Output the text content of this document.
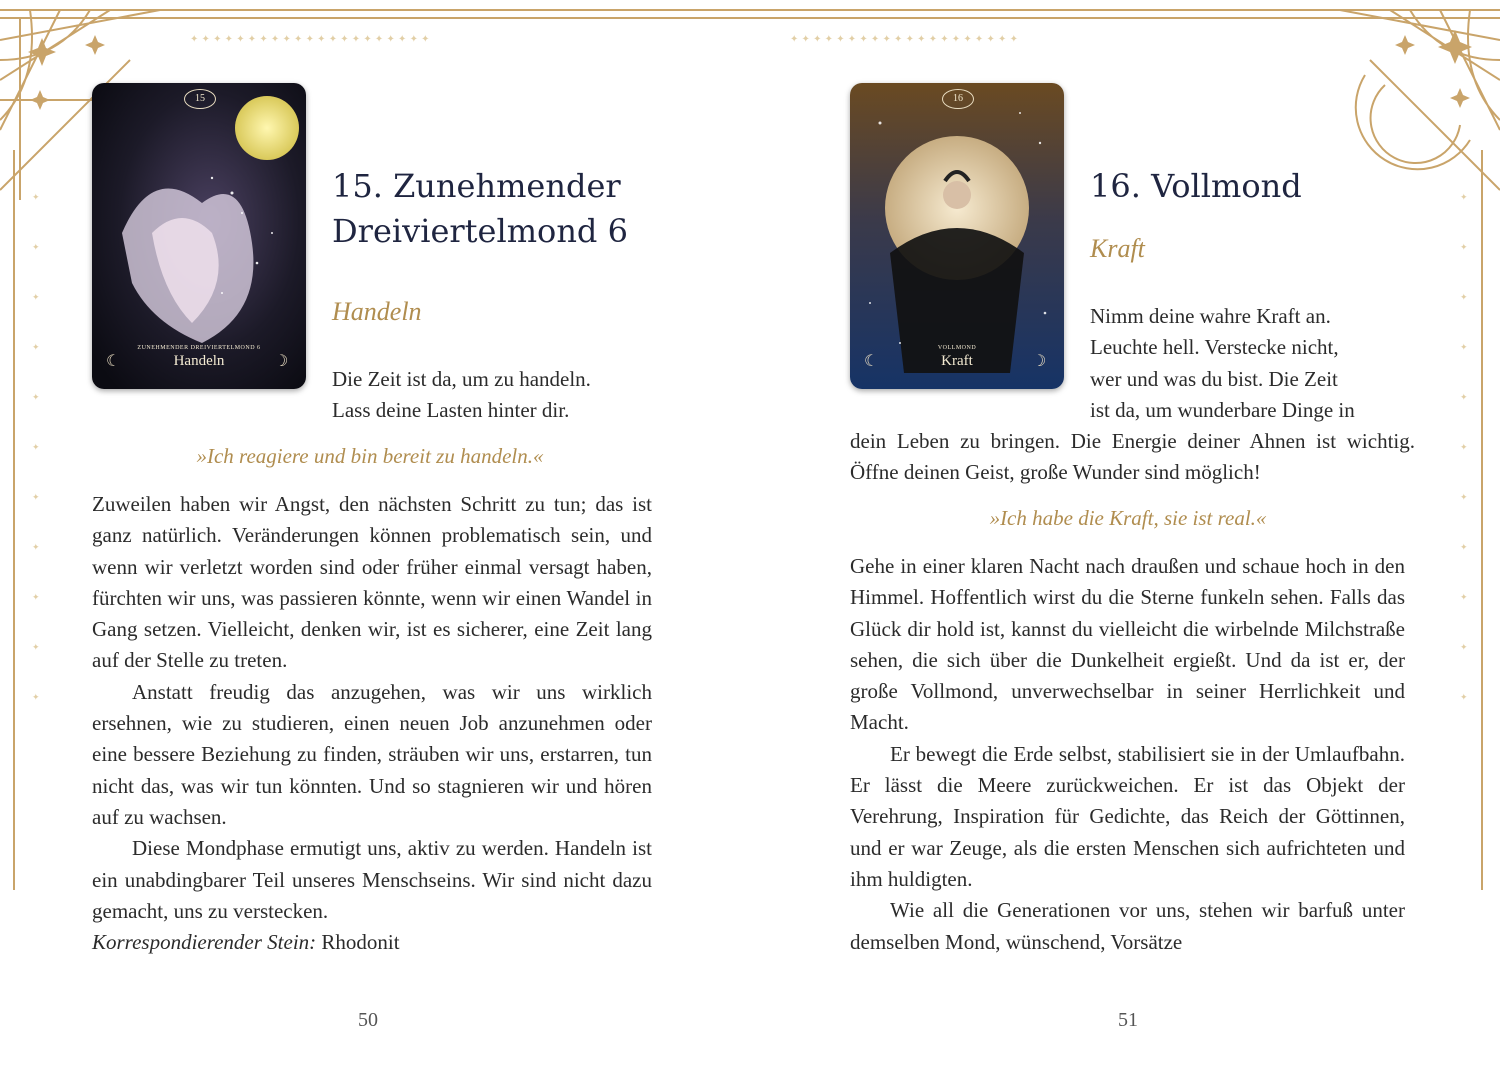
✦ ✦ ✦ ✦ ✦ ✦ ✦ ✦ ✦ ✦ ✦ ✦ ✦ ✦ ✦ ✦ ✦ ✦ ✦ ✦ ✦	✦ ✦ ✦ ✦ ✦ ✦ ✦ ✦ ✦ ✦ ✦ ✦ ✦ ✦ ✦ ✦ ✦ ✦ ✦ ✦
✦
✦
✦
✦
✦
✦
✦
✦
✦
✦
✦
✦
✦
✦
✦
✦
✦
✦
✦
✦
✦
✦
15
ZUNEHMENDER DREIVIERTELMOND 6
Handeln
☾	☽
15. Zunehmender
Dreiviertelmond 6
Handeln

Die Zeit ist da, um zu handeln.

Lass deine Lasten hinter dir.

»Ich reagiere und bin bereit zu handeln.«

Zuweilen haben wir Angst, den nächsten Schritt zu tun; das ist ganz natürlich. Veränderungen können problematisch sein, und wenn wir verletzt worden sind oder früher einmal versagt haben, fürchten wir uns, was passieren könnte, wenn wir einen Wandel in Gang setzen. Vielleicht, denken wir, ist es sicherer, eine Zeit lang auf der Stelle zu treten.

Anstatt freudig das anzugehen, was wir uns wirklich ersehnen, wie zu studieren, einen neuen Job anzunehmen oder eine bessere Beziehung zu finden, sträuben wir uns, erstarren, tun nicht das, was wir tun könnten. Und so stagnieren wir und hören auf zu wachsen.

Diese Mondphase ermutigt uns, aktiv zu werden. Handeln ist ein unabdingbarer Teil unseres Menschseins. Wir sind nicht dazu gemacht, uns zu verstecken.

Korrespondierender Stein: Rhodonit

50
16
VOLLMOND
Kraft
☾	☽
16. Vollmond
Kraft

Nimm deine wahre Kraft an.

Leuchte hell. Verstecke nicht,

wer und was du bist. Die Zeit

ist da, um wunderbare Dinge in

dein Leben zu bringen. Die Energie deiner Ahnen ist wichtig. Öffne deinen Geist, große Wunder sind möglich!
»Ich habe die Kraft, sie ist real.«

Gehe in einer klaren Nacht nach draußen und schaue hoch in den Himmel. Hoffentlich wirst du die Sterne funkeln sehen. Falls das Glück dir hold ist, kannst du vielleicht die wirbelnde Milchstraße sehen, die sich über die Dunkelheit ergießt. Und da ist er, der große Vollmond, unverwechselbar in seiner Herrlichkeit und Macht.

Er bewegt die Erde selbst, stabilisiert sie in der Umlaufbahn. Er lässt die Meere zurückweichen. Er ist das Objekt der Verehrung, Inspiration für Gedichte, das Reich der Göttinnen, und er war Zeuge, als die ersten Menschen sich aufrichteten und ihm huldigten.

Wie all die Generationen vor uns, stehen wir barfuß unter demselben Mond, wünschend, Vorsätze

51
